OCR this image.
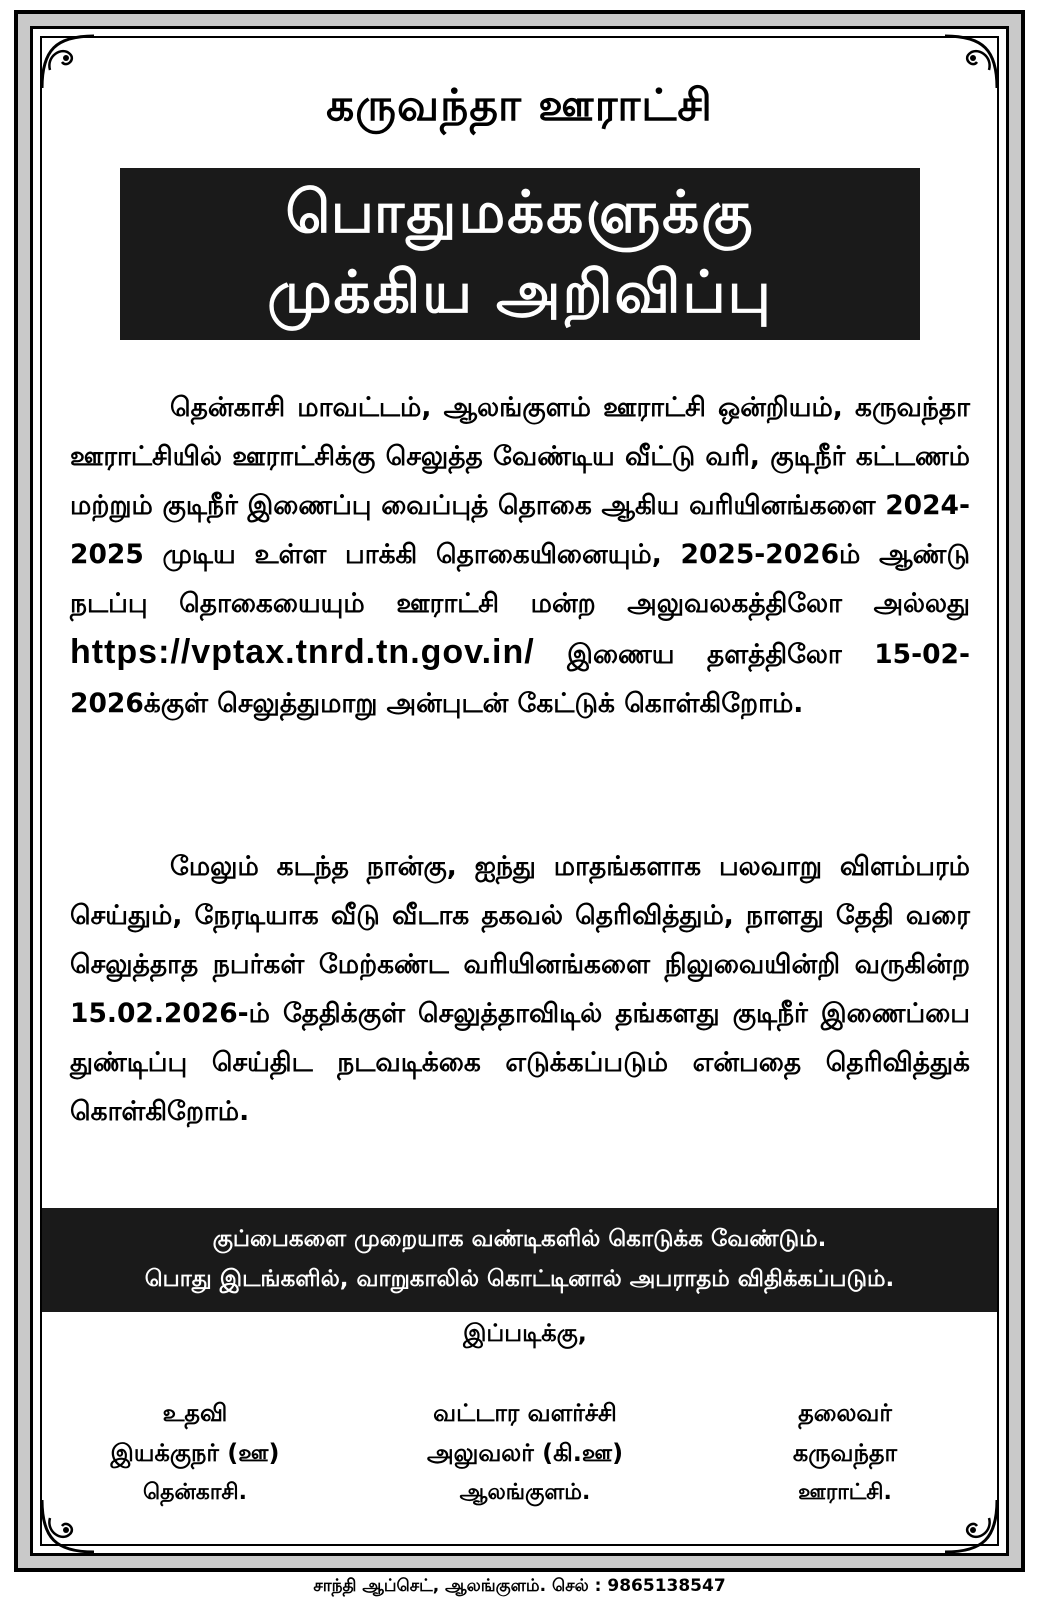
கருவந்தா ஊராட்சி
பொதுமக்களுக்கு
முக்கிய அறிவிப்பு
தென்காசி மாவட்டம், ஆலங்குளம் ஊராட்சி ஒன்றியம், கருவந்தா ஊராட்சியில் ஊராட்சிக்கு செலுத்த வேண்டிய வீட்டு வரி, குடிநீர் கட்டணம் மற்றும் குடிநீர் இணைப்பு வைப்புத் தொகை ஆகிய வரியினங்களை 2024-2025 முடிய உள்ள பாக்கி தொகையினையும், 2025-2026ம் ஆண்டு நடப்பு தொகையையும் ஊராட்சி மன்ற அலுவலகத்திலோ அல்லது https://vptax.tnrd.tn.gov.in/ இணைய தளத்திலோ 15-02-2026க்குள் செலுத்துமாறு அன்புடன் கேட்டுக் கொள்கிறோம்.
மேலும் கடந்த நான்கு, ஐந்து மாதங்களாக பலவாறு விளம்பரம் செய்தும், நேரடியாக வீடு வீடாக தகவல் தெரிவித்தும், நாளது தேதி வரை செலுத்தாத நபர்கள் மேற்கண்ட வரியினங்களை நிலுவையின்றி வருகின்ற 15.02.2026-ம் தேதிக்குள் செலுத்தாவிடில் தங்களது குடிநீர் இணைப்பை துண்டிப்பு செய்திட நடவடிக்கை எடுக்கப்படும் என்பதை தெரிவித்துக் கொள்கிறோம்.
குப்பைகளை முறையாக வண்டிகளில் கொடுக்க வேண்டும்.
பொது இடங்களில், வாறுகாலில் கொட்டினால் அபராதம் விதிக்கப்படும்.
உதவி
இயக்குநர் (ஊ)
தென்காசி.
இப்படிக்கு,
வட்டார வளர்ச்சி
அலுவலர் (கி.ஊ)
ஆலங்குளம்.
தலைவர்
கருவந்தா
ஊராட்சி.
சாந்தி ஆப்செட், ஆலங்குளம். செல் : 9865138547
